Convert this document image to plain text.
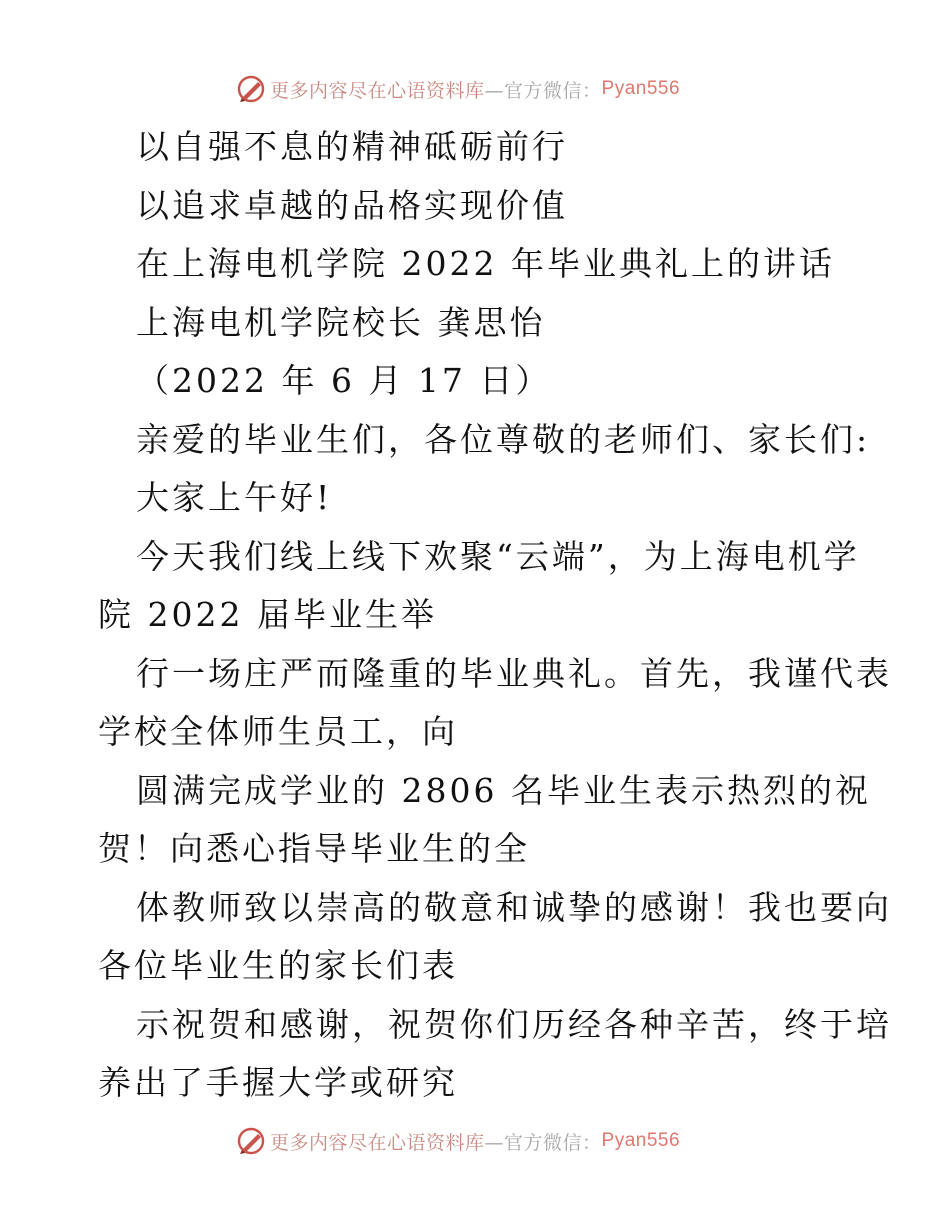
更多内容尽在心语资料库 —官方微信： Pyan556
以自强不息的精神砥砺前行
以追求卓越的品格实现价值
在上海电机学院 2022 年毕业典礼上的讲话
上海电机学院校长 龚思怡
（2022 年 6 月 17 日）
亲爱的毕业生们，各位尊敬的老师们、家长们:
大家上午好!
今天我们线上线下欢聚“云端”，为上海电机学
院 2022 届毕业生举
行一场庄严而隆重的毕业典礼。首先，我谨代表
学校全体师生员工，向
圆满完成学业的 2806 名毕业生表示热烈的祝
贺！向悉心指导毕业生的全
体教师致以崇高的敬意和诚挚的感谢！我也要向
各位毕业生的家长们表
示祝贺和感谢，祝贺你们历经各种辛苦，终于培
养出了手握大学或研究
更多内容尽在心语资料库 —官方微信： Pyan556
